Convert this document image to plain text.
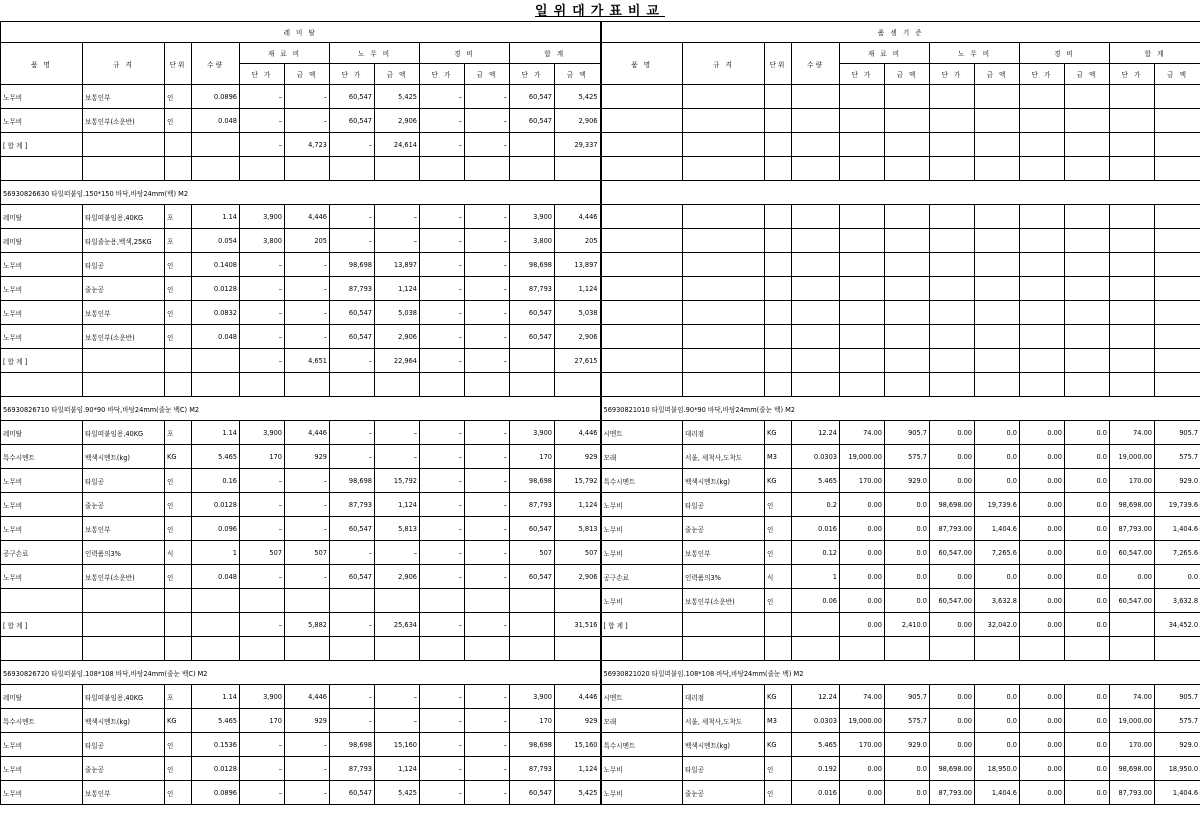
일위대가표비교
레 미 탈												품 셈 기 준											
품 명	규 격	단위	수량	재 료 비		노 무 비		경 비		합 계		품 명	규 격	단위	수량	재 료 비		노 무 비		경 비		합 계	
				단 가	금 액	단 가	금 액	단 가	금 액	단 가	금 액					단 가	금 액	단 가	금 액	단 가	금 액	단 가	금 액
노무비	보통인부	인	0.0896	–	–	60,547	5,425	–	–	60,547	5,425												
노무비	보통인부(소운반)	인	0.048	–	–	60,547	2,906	–	–	60,547	2,906												
[ 합 계 ]				–	4,723	–	24,614	–	–		29,337												

56930826630 타일떠붙임.150*150 바닥,바탕24mm(백) M2																							
레미탈	타일떠붙임용,40KG	포	1.14	3,900	4,446	–	–	–	–	3,900	4,446												
레미탈	타일줄눈용,백색,25KG	포	0.054	3,800	205	–	–	–	–	3,800	205												
노무비	타일공	인	0.1408	–	–	98,698	13,897	–	–	98,698	13,897												
노무비	줄눈공	인	0.0128	–	–	87,793	1,124	–	–	87,793	1,124												
노무비	보통인부	인	0.0832	–	–	60,547	5,038	–	–	60,547	5,038												
노무비	보통인부(소운반)	인	0.048	–	–	60,547	2,906	–	–	60,547	2,906												
[ 합 계 ]				–	4,651	–	22,964	–	–		27,615												

56930826710 타일떠붙임.90*90 바닥,바탕24mm(줄눈 백C) M2												56930821010 타일떠붙임.90*90 바닥,바탕24mm(줄눈 백) M2											
레미탈	타일떠붙임용,40KG	포	1.14	3,900	4,446	–	–	–	–	3,900	4,446	시멘트	대리점	KG	12.24	74.00	905.7	0.00	0.0	0.00	0.0	74.00	905.7
특수시멘트	백색시멘트(kg)	KG	5.465	170	929	–	–	–	–	170	929	모래	서울, 세척사,도착도	M3	0.0303	19,000.00	575.7	0.00	0.0	0.00	0.0	19,000.00	575.7
노무비	타일공	인	0.16	–	–	98,698	15,792	–	–	98,698	15,792	특수시멘트	백색시멘트(kg)	KG	5.465	170.00	929.0	0.00	0.0	0.00	0.0	170.00	929.0
노무비	줄눈공	인	0.0128	–	–	87,793	1,124	–	–	87,793	1,124	노무비	타일공	인	0.2	0.00	0.0	98,698.00	19,739.6	0.00	0.0	98,698.00	19,739.6
노무비	보통인부	인	0.096	–	–	60,547	5,813	–	–	60,547	5,813	노무비	줄눈공	인	0.016	0.00	0.0	87,793.00	1,404.6	0.00	0.0	87,793.00	1,404.6
공구손료	인력품의3%	식	1	507	507	–	–	–	–	507	507	노무비	보통인부	인	0.12	0.00	0.0	60,547.00	7,265.6	0.00	0.0	60,547.00	7,265.6
노무비	보통인부(소운반)	인	0.048	–	–	60,547	2,906	–	–	60,547	2,906	공구손료	인력품의3%	식	1	0.00	0.0	0.00	0.0	0.00	0.0	0.00	0.0
												노무비	보통인부(소운반)	인	0.06	0.00	0.0	60,547.00	3,632.8	0.00	0.0	60,547.00	3,632.8
[ 합 계 ]				–	5,882	–	25,634	–	–		31,516	[ 합 계 ]				0.00	2,410.0	0.00	32,042.0	0.00	0.0		34,452.0

56930826720 타일떠붙임.108*108 바닥,바탕24mm(줄눈 백C) M2												56930821020 타일떠붙임.108*108 바닥,바탕24mm(줄눈 백) M2											
레미탈	타일떠붙임용,40KG	포	1.14	3,900	4,446	–	–	–	–	3,900	4,446	시멘트	대리점	KG	12.24	74.00	905.7	0.00	0.0	0.00	0.0	74.00	905.7
특수시멘트	백색시멘트(kg)	KG	5.465	170	929	–	–	–	–	170	929	모래	서울, 세척사,도착도	M3	0.0303	19,000.00	575.7	0.00	0.0	0.00	0.0	19,000.00	575.7
노무비	타일공	인	0.1536	–	–	98,698	15,160	–	–	98,698	15,160	특수시멘트	백색시멘트(kg)	KG	5.465	170.00	929.0	0.00	0.0	0.00	0.0	170.00	929.0
노무비	줄눈공	인	0.0128	–	–	87,793	1,124	–	–	87,793	1,124	노무비	타일공	인	0.192	0.00	0.0	98,698.00	18,950.0	0.00	0.0	98,698.00	18,950.0
노무비	보통인부	인	0.0896	–	–	60,547	5,425	–	–	60,547	5,425	노무비	줄눈공	인	0.016	0.00	0.0	87,793.00	1,404.6	0.00	0.0	87,793.00	1,404.6
